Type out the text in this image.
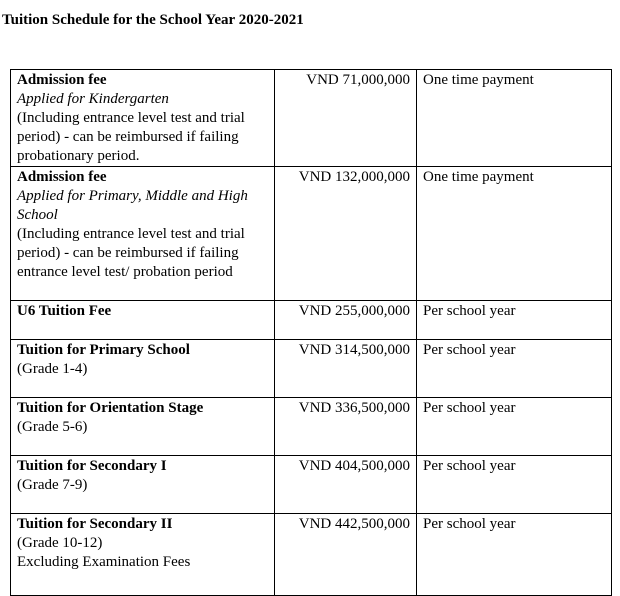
Tuition Schedule for the School Year 2020-2021
Admission fee
Applied for Kindergarten
(Including entrance level test and trial period) - can be reimbursed if failing probationary period.	VND 71,000,000	One time payment

Admission fee
Applied for Primary, Middle and High School
(Including entrance level test and trial period) - can be reimbursed if failing entrance level test/ probation period	VND 132,000,000	One time payment

U6 Tuition Fee	VND 255,000,000	Per school year

Tuition for Primary School
(Grade 1-4)	VND 314,500,000	Per school year

Tuition for Orientation Stage
(Grade 5-6)	VND 336,500,000	Per school year

Tuition for Secondary I
(Grade 7-9)	VND 404,500,000	Per school year

Tuition for Secondary II
(Grade 10-12)
Excluding Examination Fees	VND 442,500,000	Per school year
